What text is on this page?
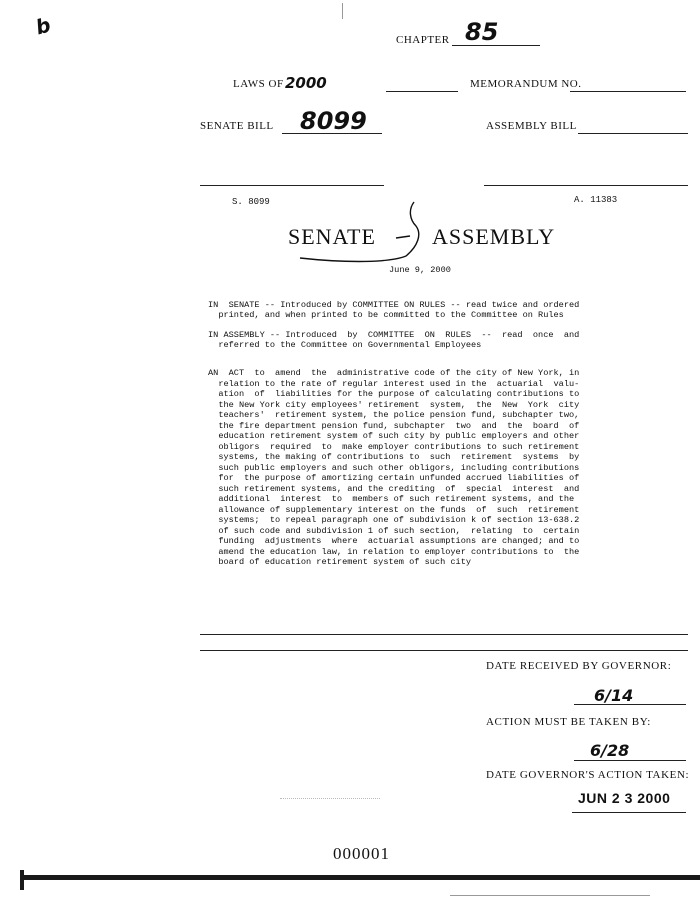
b
CHAPTER 85
LAWS OF 2000	MEMORANDUM NO.
SENATE BILL 8099	ASSEMBLY BILL
S. 8099	A. 11383
SENATE	ASSEMBLY
June 9, 2000
IN  SENATE -- Introduced by COMMITTEE ON RULES -- read twice and ordered
printed, and when printed to be committed to the Committee on Rules
IN ASSEMBLY -- Introduced  by  COMMITTEE  ON  RULES  --  read  once  and
referred to the Committee on Governmental Employees
AN  ACT  to  amend  the  administrative code of the city of New York, in
relation to the rate of regular interest used in the  actuarial  valu-
ation  of  liabilities for the purpose of calculating contributions to
the New York city employees' retirement  system,  the  New  York  city
teachers'  retirement system, the police pension fund, subchapter two,
the fire department pension fund, subchapter  two  and  the  board  of
education retirement system of such city by public employers and other
obligors  required  to  make employer contributions to such retirement
systems, the making of contributions to  such  retirement  systems  by
such public employers and such other obligors, including contributions
for  the purpose of amortizing certain unfunded accrued liabilities of
such retirement systems, and the crediting  of  special  interest  and
additional  interest  to  members of such retirement systems, and the
allowance of supplementary interest on the funds  of  such  retirement
systems;  to repeal paragraph one of subdivision k of section 13-638.2
of such code and subdivision 1 of such section,  relating  to  certain
funding  adjustments  where  actuarial assumptions are changed; and to
amend the education law, in relation to employer contributions to  the
board of education retirement system of such city
DATE RECEIVED BY GOVERNOR:
6/14
ACTION MUST BE TAKEN BY:
6/28
DATE GOVERNOR'S ACTION TAKEN:
JUN 2 3 2000
000001
